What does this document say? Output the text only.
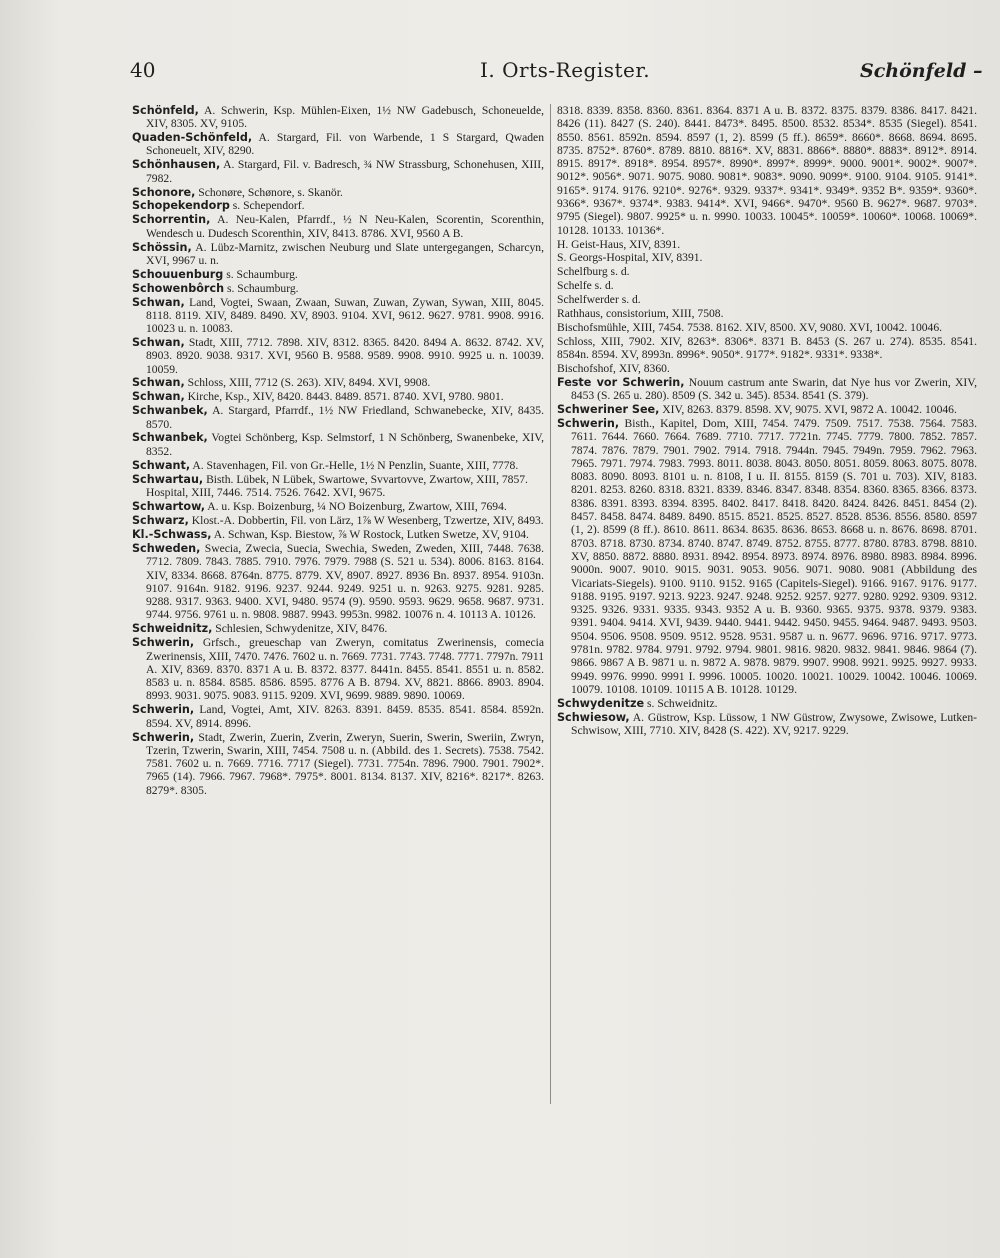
40	I. Orts-Register.	Schönfeld –
Schönfeld, A. Schwerin, Ksp. Mühlen-Eixen, 1½ NW Gadebusch, Schoneuelde, XIV, 8305. XV, 9105.
Quaden-Schönfeld, A. Stargard, Fil. von Warbende, 1 S Stargard, Qwaden Schoneuelt, XIV, 8290.
Schönhausen, A. Stargard, Fil. v. Badresch, ¾ NW Strassburg, Schonehusen, XIII, 7982.
Schonore, Schonøre, Schønore, s. Skanör.
Schopekendorp s. Schependorf.
Schorrentin, A. Neu-Kalen, Pfarrdf., ½ N Neu-Kalen, Scorentin, Scorenthin, Wendesch u. Dudesch Scorenthin, XIV, 8413. 8786. XVI, 9560 A B.
Schössin, A. Lübz-Marnitz, zwischen Neuburg und Slate untergegangen, Scharcyn, XVI, 9967 u. n.
Schouuenburg s. Schaumburg.
Schowenbôrch s. Schaumburg.
Schwan, Land, Vogtei, Swaan, Zwaan, Suwan, Zuwan, Zywan, Sywan, XIII, 8045. 8118. 8119. XIV, 8489. 8490. XV, 8903. 9104. XVI, 9612. 9627. 9781. 9908. 9916. 10023 u. n. 10083.
Schwan, Stadt, XIII, 7712. 7898. XIV, 8312. 8365. 8420. 8494 A. 8632. 8742. XV, 8903. 8920. 9038. 9317. XVI, 9560 B. 9588. 9589. 9908. 9910. 9925 u. n. 10039. 10059.
Schwan, Schloss, XIII, 7712 (S. 263). XIV, 8494. XVI, 9908.
Schwan, Kirche, Ksp., XIV, 8420. 8443. 8489. 8571. 8740. XVI, 9780. 9801.
Schwanbek, A. Stargard, Pfarrdf., 1½ NW Friedland, Schwanebecke, XIV, 8435. 8570.
Schwanbek, Vogtei Schönberg, Ksp. Selmstorf, 1 N Schönberg, Swanenbeke, XIV, 8352.
Schwant, A. Stavenhagen, Fil. von Gr.-Helle, 1½ N Penzlin, Suante, XIII, 7778.
Schwartau, Bisth. Lübek, N Lübek, Swartowe, Svvartovve, Zwartow, XIII, 7857.
Hospital, XIII, 7446. 7514. 7526. 7642. XVI, 9675.
Schwartow, A. u. Ksp. Boizenburg, ¼ NO Boizenburg, Zwartow, XIII, 7694.
Schwarz, Klost.-A. Dobbertin, Fil. von Lärz, 1⅞ W Wesenberg, Tzwertze, XIV, 8493.
Kl.-Schwass, A. Schwan, Ksp. Biestow, ⅞ W Rostock, Lutken Swetze, XV, 9104.
Schweden, Swecia, Zwecia, Suecia, Swechia, Sweden, Zweden, XIII, 7448. 7638. 7712. 7809. 7843. 7885. 7910. 7976. 7979. 7988 (S. 521 u. 534). 8006. 8163. 8164. XIV, 8334. 8668. 8764n. 8775. 8779. XV, 8907. 8927. 8936 Bn. 8937. 8954. 9103n. 9107. 9164n. 9182. 9196. 9237. 9244. 9249. 9251 u. n. 9263. 9275. 9281. 9285. 9288. 9317. 9363. 9400. XVI, 9480. 9574 (9). 9590. 9593. 9629. 9658. 9687. 9731. 9744. 9756. 9761 u. n. 9808. 9887. 9943. 9953n. 9982. 10076 n. 4. 10113 A. 10126.
Schweidnitz, Schlesien, Schwydenitze, XIV, 8476.
Schwerin, Grfsch., greueschap van Zweryn, comitatus Zwerinensis, comecia Zwerinensis, XIII, 7470. 7476. 7602 u. n. 7669. 7731. 7743. 7748. 7771. 7797n. 7911 A. XIV, 8369. 8370. 8371 A u. B. 8372. 8377. 8441n. 8455. 8541. 8551 u. n. 8582. 8583 u. n. 8584. 8585. 8586. 8595. 8776 A B. 8794. XV, 8821. 8866. 8903. 8904. 8993. 9031. 9075. 9083. 9115. 9209. XVI, 9699. 9889. 9890. 10069.
Schwerin, Land, Vogtei, Amt, XIV. 8263. 8391. 8459. 8535. 8541. 8584. 8592n. 8594. XV, 8914. 8996.
Schwerin, Stadt, Zwerin, Zuerin, Zverin, Zweryn, Suerin, Swerin, Sweriin, Zwryn, Tzerin, Tzwerin, Swarin, XIII, 7454. 7508 u. n. (Abbild. des 1. Secrets). 7538. 7542. 7581. 7602 u. n. 7669. 7716. 7717 (Siegel). 7731. 7754n. 7896. 7900. 7901. 7902*. 7965 (14). 7966. 7967. 7968*. 7975*. 8001. 8134. 8137. XIV, 8216*. 8217*. 8263. 8279*. 8305.
8318. 8339. 8358. 8360. 8361. 8364. 8371 A u. B. 8372. 8375. 8379. 8386. 8417. 8421. 8426 (11). 8427 (S. 240). 8441. 8473*. 8495. 8500. 8532. 8534*. 8535 (Siegel). 8541. 8550. 8561. 8592n. 8594. 8597 (1, 2). 8599 (5 ff.). 8659*. 8660*. 8668. 8694. 8695. 8735. 8752*. 8760*. 8789. 8810. 8816*. XV, 8831. 8866*. 8880*. 8883*. 8912*. 8914. 8915. 8917*. 8918*. 8954. 8957*. 8990*. 8997*. 8999*. 9000. 9001*. 9002*. 9007*. 9012*. 9056*. 9071. 9075. 9080. 9081*. 9083*. 9090. 9099*. 9100. 9104. 9105. 9141*. 9165*. 9174. 9176. 9210*. 9276*. 9329. 9337*. 9341*. 9349*. 9352 B*. 9359*. 9360*. 9366*. 9367*. 9374*. 9383. 9414*. XVI, 9466*. 9470*. 9560 B. 9627*. 9687. 9703*. 9795 (Siegel). 9807. 9925* u. n. 9990. 10033. 10045*. 10059*. 10060*. 10068. 10069*. 10128. 10133. 10136*.
H. Geist-Haus, XIV, 8391.
S. Georgs-Hospital, XIV, 8391.
Schelfburg s. d.
Schelfe s. d.
Schelfwerder s. d.
Rathhaus, consistorium, XIII, 7508.
Bischofsmühle, XIII, 7454. 7538. 8162. XIV, 8500. XV, 9080. XVI, 10042. 10046.
Schloss, XIII, 7902. XIV, 8263*. 8306*. 8371 B. 8453 (S. 267 u. 274). 8535. 8541. 8584n. 8594. XV, 8993n. 8996*. 9050*. 9177*. 9182*. 9331*. 9338*.
Bischofshof, XIV, 8360.
Feste vor Schwerin, Nouum castrum ante Swarin, dat Nye hus vor Zwerin, XIV, 8453 (S. 265 u. 280). 8509 (S. 342 u. 345). 8534. 8541 (S. 379).
Schweriner See, XIV, 8263. 8379. 8598. XV, 9075. XVI, 9872 A. 10042. 10046.
Schwerin, Bisth., Kapitel, Dom, XIII, 7454. 7479. 7509. 7517. 7538. 7564. 7583. 7611. 7644. 7660. 7664. 7689. 7710. 7717. 7721n. 7745. 7779. 7800. 7852. 7857. 7874. 7876. 7879. 7901. 7902. 7914. 7918. 7944n. 7945. 7949n. 7959. 7962. 7963. 7965. 7971. 7974. 7983. 7993. 8011. 8038. 8043. 8050. 8051. 8059. 8063. 8075. 8078. 8083. 8090. 8093. 8101 u. n. 8108, I u. II. 8155. 8159 (S. 701 u. 703). XIV, 8183. 8201. 8253. 8260. 8318. 8321. 8339. 8346. 8347. 8348. 8354. 8360. 8365. 8366. 8373. 8386. 8391. 8393. 8394. 8395. 8402. 8417. 8418. 8420. 8424. 8426. 8451. 8454 (2). 8457. 8458. 8474. 8489. 8490. 8515. 8521. 8525. 8527. 8528. 8536. 8556. 8580. 8597 (1, 2). 8599 (8 ff.). 8610. 8611. 8634. 8635. 8636. 8653. 8668 u. n. 8676. 8698. 8701. 8703. 8718. 8730. 8734. 8740. 8747. 8749. 8752. 8755. 8777. 8780. 8783. 8798. 8810. XV, 8850. 8872. 8880. 8931. 8942. 8954. 8973. 8974. 8976. 8980. 8983. 8984. 8996. 9000n. 9007. 9010. 9015. 9031. 9053. 9056. 9071. 9080. 9081 (Abbildung des Vicariats-Siegels). 9100. 9110. 9152. 9165 (Capitels-Siegel). 9166. 9167. 9176. 9177. 9188. 9195. 9197. 9213. 9223. 9247. 9248. 9252. 9257. 9277. 9280. 9292. 9309. 9312. 9325. 9326. 9331. 9335. 9343. 9352 A u. B. 9360. 9365. 9375. 9378. 9379. 9383. 9391. 9404. 9414. XVI, 9439. 9440. 9441. 9442. 9450. 9455. 9464. 9487. 9493. 9503. 9504. 9506. 9508. 9509. 9512. 9528. 9531. 9587 u. n. 9677. 9696. 9716. 9717. 9773. 9781n. 9782. 9784. 9791. 9792. 9794. 9801. 9816. 9820. 9832. 9841. 9846. 9864 (7). 9866. 9867 A B. 9871 u. n. 9872 A. 9878. 9879. 9907. 9908. 9921. 9925. 9927. 9933. 9949. 9976. 9990. 9991 I. 9996. 10005. 10020. 10021. 10029. 10042. 10046. 10069. 10079. 10108. 10109. 10115 A B. 10128. 10129.
Schwydenitze s. Schweidnitz.
Schwiesow, A. Güstrow, Ksp. Lüssow, 1 NW Güstrow, Zwysowe, Zwisowe, Lutken-Schwisow, XIII, 7710. XIV, 8428 (S. 422). XV, 9217. 9229.
